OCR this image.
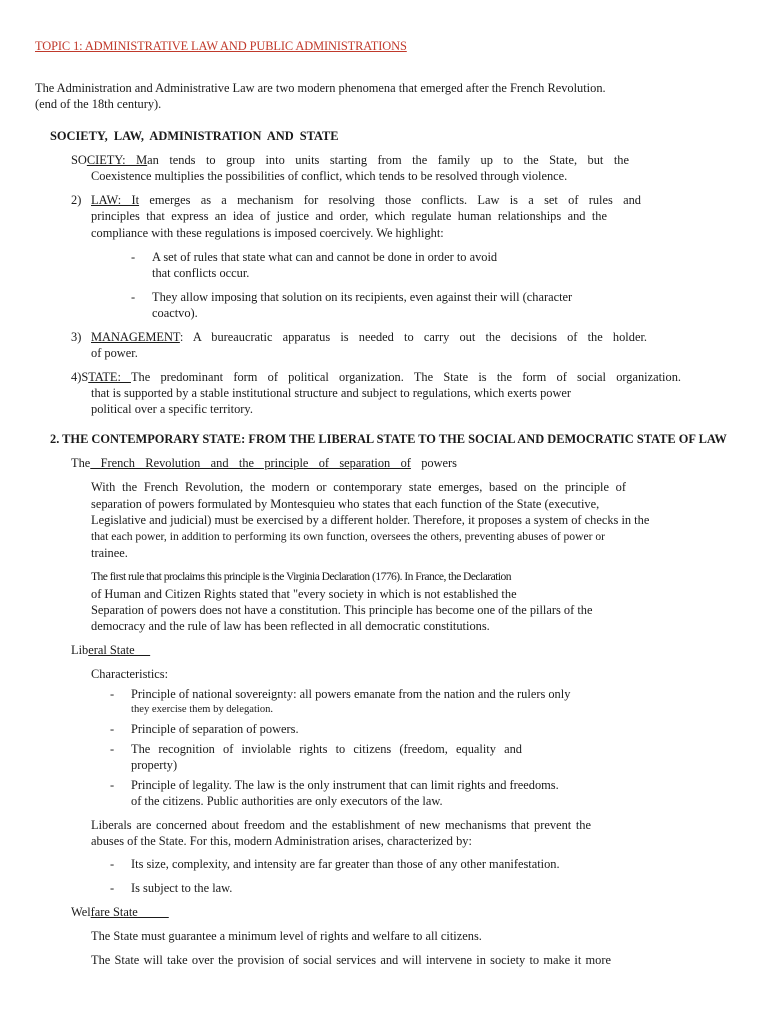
TOPIC 1: ADMINISTRATIVE LAW AND PUBLIC ADMINISTRATIONS
The Administration and Administrative Law are two modern phenomena that emerged after the French Revolution.
(end of the 18th century).
SOCIETY, LAW, ADMINISTRATION AND STATE
SOCIETY: Man tends to group into units starting from the family up to the State, but the
Coexistence multiplies the possibilities of conflict, which tends to be resolved through violence.
2) LAW: It emerges as a mechanism for resolving those conflicts. Law is a set of rules and
principles that express an idea of justice and order, which regulate human relationships and the
compliance with these regulations is imposed coercively. We highlight:
- A set of rules that state what can and cannot be done in order to avoid
that conflicts occur.
- They allow imposing that solution on its recipients, even against their will (character
coactvo).
3) MANAGEMENT: A bureaucratic apparatus is needed to carry out the decisions of the holder.
of power.
4)STATE: The predominant form of political organization. The State is the form of social organization.
that is supported by a stable institutional structure and subject to regulations, which exerts power
political over a specific territory.
2. THE CONTEMPORARY STATE: FROM THE LIBERAL STATE TO THE SOCIAL AND DEMOCRATIC STATE OF LAW
The French Revolution and the principle of separation of powers
With the French Revolution, the modern or contemporary state emerges, based on the principle of
separation of powers formulated by Montesquieu who states that each function of the State (executive,
Legislative and judicial) must be exercised by a different holder. Therefore, it proposes a system of checks in the
that each power, in addition to performing its own function, oversees the others, preventing abuses of power or
trainee.
The first rule that proclaims this principle is the Virginia Declaration (1776). In France, the Declaration
of Human and Citizen Rights stated that "every society in which is not established the
Separation of powers does not have a constitution. This principle has become one of the pillars of the
democracy and the rule of law has been reflected in all democratic constitutions.
Liberal State
Characteristics:
- Principle of national sovereignty: all powers emanate from the nation and the rulers only
they exercise them by delegation.
- Principle of separation of powers.
- The recognition of inviolable rights to citizens (freedom, equality and
property)
- Principle of legality. The law is the only instrument that can limit rights and freedoms.
of the citizens. Public authorities are only executors of the law.
Liberals are concerned about freedom and the establishment of new mechanisms that prevent the
abuses of the State. For this, modern Administration arises, characterized by:
- Its size, complexity, and intensity are far greater than those of any other manifestation.
- Is subject to the law.
Welfare State
The State must guarantee a minimum level of rights and welfare to all citizens.
The State will take over the provision of social services and will intervene in society to make it more
